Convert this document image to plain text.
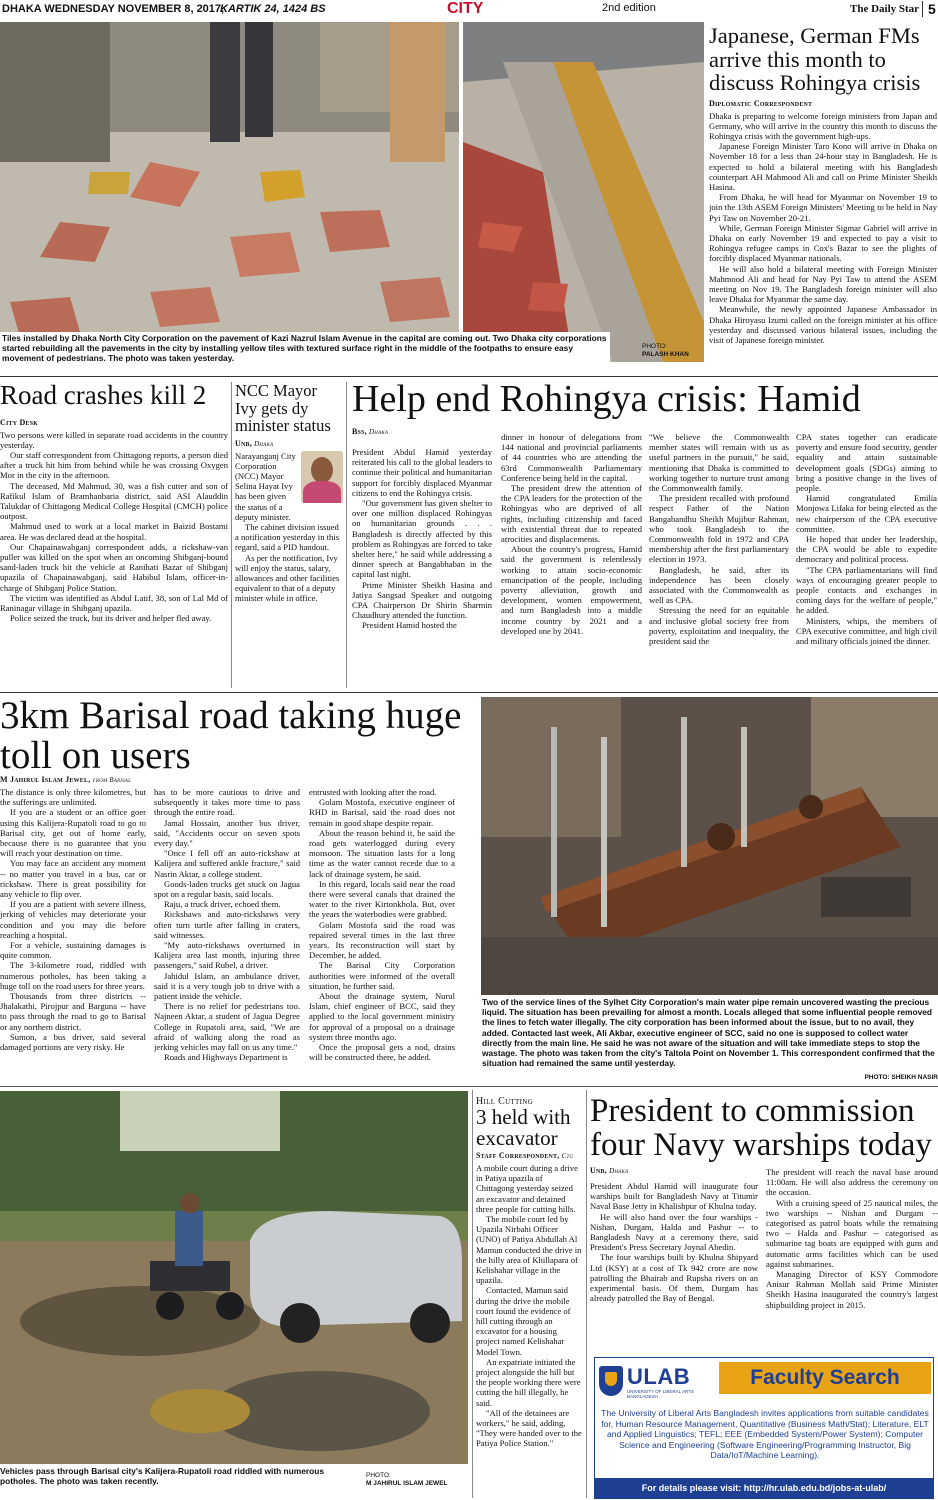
DHAKA WEDNESDAY NOVEMBER 8, 2017,
KARTIK 24, 1424 BS	CITY	2nd edition	The Daily Star 5
Tiles installed by Dhaka North City Corporation on the pavement of Kazi Nazrul Islam Avenue in the capital are coming out. Two Dhaka city corporations started rebuilding all the pavements in the city by installing yellow tiles with textured surface right in the middle of the footpaths to ensure easy movement of pedestrians. The photo was taken yesterday.
PHOTO:
PALASH KHAN
Japanese, German FMs arrive this month to discuss Rohingya crisis
Diplomatic Correspondent

Dhaka is preparing to welcome foreign ministers from Japan and Germany, who will arrive in the country this month to discuss the Rohingya crisis with the government high-ups.

Japanese Foreign Minister Taro Kono will arrive in Dhaka on November 18 for a less than 24-hour stay in Bangladesh. He is expected to hold a bilateral meeting with his Bangladesh counterpart AH Mahmood Ali and call on Prime Minister Sheikh Hasina.

From Dhaka, he will head for Myanmar on November 19 to join the 13th ASEM Foreign Ministers' Meeting to be held in Nay Pyi Taw on November 20-21.

While, German Foreign Minister Sigmar Gabriel will arrive in Dhaka on early November 19 and expected to pay a visit to Rohingya refugee camps in Cox's Bazar to see the plights of forcibly displaced Myanmar nationals.

He will also hold a bilateral meeting with Foreign Minister Mahmood Ali and head for Nay Pyi Taw to attend the ASEM meeting on Nov 19. The Bangladesh foreign minister will also leave Dhaka for Myanmar the same day.

Meanwhile, the newly appointed Japanese Ambassador in Dhaka Hiroyasu Izumi called on the foreign minister at his office yesterday and discussed various bilateral issues, including the visit of Japanese foreign minister.

Road crashes kill 2
City Desk

Two persons were killed in separate road accidents in the country yesterday.

Our staff correspondent from Chittagong reports, a person died after a truck hit him from behind while he was crossing Oxygen Mor in the city in the afternoon.

The deceased, Md Mahmud, 30, was a fish cutter and son of Rafikul Islam of Bramhanbaria district, said ASI Alauddin Talukdar of Chittagong Medical College Hospital (CMCH) police outpost.

Mahmud used to work at a local market in Baizid Bostami area. He was declared dead at the hospital.

Our Chapainawabganj correspondent adds, a rickshaw-van puller was killed on the spot when an oncoming Shibganj-bound sand-laden truck hit the vehicle at Ranihati Bazar of Shibganj upazila of Chapainawabganj, said Habibul Islam, officer-in-charge of Shibganj Police Station.

The victim was identified as Abdul Latif, 38, son of Lal Md of Raninagar village in Shibganj upazila.

Police seized the truck, but its driver and helper fled away.

NCC Mayor Ivy gets dy minister status
Unb, Dhaka

Narayanganj City Corporation (NCC) Mayor Selina Hayat Ivy has been given the status of a deputy minister.

The cabinet division issued a notification yesterday in this regard, said a PID handout.

As per the notification, Ivy will enjoy the status, salary, allowances and other facilities equivalent to that of a deputy minister while in office.

Help end Rohingya crisis: Hamid
Bss, Dhaka

President Abdul Hamid yesterday reiterated his call to the global leaders to continue their political and humanitarian support for forcibly displaced Myanmar citizens to end the Rohingya crisis.

"Our government has given shelter to over one million displaced Rohingyas on humanitarian grounds . . . Bangladesh is directly affected by this problem as Rohingyas are forced to take shelter here," he said while addressing a dinner speech at Bangabhaban in the capital last night.

Prime Minister Sheikh Hasina and Jatiya Sangsad Speaker and outgoing CPA Chairperson Dr Shirin Sharmin Chaudhury attended the function.

President Hamid hosted the

dinner in honour of delegations from 144 national and provincial parliaments of 44 countries who are attending the 63rd Commonwealth Parliamentary Conference being held in the capital.

The president drew the attention of the CPA leaders for the protection of the Rohingyas who are deprived of all rights, including citizenship and faced with existential threat due to repeated atrocities and displacements.

About the country's progress, Hamid said the government is relentlessly working to attain socio-economic emancipation of the people, including poverty alleviation, growth and development, women empowerment, and turn Bangladesh into a middle income country by 2021 and a developed one by 2041.

"We believe the Commonwealth member states will remain with us as useful partners in the pursuit," he said, mentioning that Dhaka is committed to working together to nurture trust among the Commonwealth family.

The president recalled with profound respect Father of the Nation Bangabandhu Sheikh Mujibur Rahman, who took Bangladesh to the Commonwealth fold in 1972 and CPA membership after the first parliamentary election in 1973.

Bangladesh, he said, after its independence has been closely associated with the Commonwealth as well as CPA.

Stressing the need for an equitable and inclusive global society free from poverty, exploitation and inequality, the president said the

CPA states together can eradicate poverty and ensure food security, gender equality and attain sustainable development goals (SDGs) aiming to bring a positive change in the lives of people.

Hamid congratulated Emilia Monjowa Lifaka for being elected as the new chairperson of the CPA executive committee.

He hoped that under her leadership, the CPA would be able to expedite democracy and political process.

"The CPA parliamentarians will find ways of encouraging greater people to people contacts and exchanges in coming days for the welfare of people," he added.

Ministers, whips, the members of CPA executive committee, and high civil and military officials joined the dinner.

3km Barisal road taking huge toll on users
M Jahirul Islam Jewel, from Barisal

The distance is only three kilometres, but the sufferings are unlimited.

If you are a student or an office goer using this Kalijera-Rupatoli road to go to Barisal city, get out of home early, because there is no guarantee that you will reach your destination on time.

You may face an accident any moment -- no matter you travel in a bus, car or rickshaw. There is great possibility for any vehicle to flip over.

If you are a patient with severe illness, jerking of vehicles may deteriorate your condition and you may die before reaching a hospital.

For a vehicle, sustaining damages is quite common.

The 3-kilometre road, riddled with numerous potholes, has been taking a huge toll on the road users for three years.

Thousands from three districts -- Jhalakathi, Pirojpur and Barguna -- have to pass through the road to go to Barisal or any northern district.

Sumon, a bus driver, said several damaged portions are very risky. He

has to be more cautious to drive and subsequently it takes more time to pass through the entire road.

Jamal Hossain, another bus driver, said, "Accidents occur on seven spots every day."

"Once I fell off an auto-rickshaw at Kalijera and suffered ankle fracture," said Nasrin Aktar, a college student.

Goods-laden trucks get stuck on Jagua spot on a regular basis, said locals.

Raju, a truck driver, echoed them.

Rickshaws and auto-rickshaws very often turn turtle after falling in craters, said witnesses.

"My auto-rickshaws overturned in Kalijera area last month, injuring three passengers," said Rubel, a driver.

Jahidul Islam, an ambulance driver, said it is a very tough job to drive with a patient inside the vehicle.

There is no relief for pedestrians too. Najneen Aktar, a student of Jagua Degree College in Rupatoli area, said, "We are afraid of walking along the road as jerking vehicles may fall on us any time."

Roads and Highways Department is

entrusted with looking after the road.

Golam Mostofa, executive engineer of RHD in Barisal, said the road does not remain in good shape despite repair.

About the reason behind it, he said the road gets waterlogged during every monsoon. The situation lasts for a long time as the water cannot recede due to a lack of drainage system, he said.

In this regard, locals said near the road there were several canals that drained the water to the river Kirtonkhola. But, over the years the waterbodies were grabbed.

Golam Mostofa said the road was repaired several times in the last three years. Its reconstruction will start by December, he added.

The Barisal City Corporation authorities were informed of the overall situation, he further said.

About the drainage system, Nurul Islam, chief engineer of BCC, said they applied to the local government ministry for approval of a proposal on a drainage system three months ago.

Once the proposal gets a nod, drains will be constructed there, he added.

Two of the service lines of the Sylhet City Corporation's main water pipe remain uncovered wasting the precious liquid. The situation has been prevailing for almost a month. Locals alleged that some influential people removed the lines to fetch water illegally. The city corporation has been informed about the issue, but to no avail, they added. Contacted last week, Ali Akbar, executive engineer of SCC, said no one is supposed to collect water directly from the main line. He said he was not aware of the situation and will take immediate steps to stop the wastage. The photo was taken from the city's Taltola Point on November 1. This correspondent confirmed that the situation had remained the same until yesterday.
PHOTO: SHEIKH NASIR
Vehicles pass through Barisal city's Kalijera-Rupatoli road riddled with numerous potholes. The photo was taken recently.
PHOTO:
M JAHIRUL ISLAM JEWEL
Hill Cutting
3 held with excavator
Staff Correspondent, Ctg

A mobile court during a drive in Patiya upazila of Chittagong yesterday seized an excavator and detained three people for cutting hills.

The mobile court led by Upazila Nirbahi Officer (UNO) of Patiya Abdullah Al Mamun conducted the drive in the hilly area of Khillapara of Kelishahar village in the upazila.

Contacted, Mamun said during the drive the mobile court found the evidence of hill cutting through an excavator for a housing project named Kelishahar Model Town.

An expatriate initiated the project alongside the hill but the people working there were cutting the hill illegally, he said.

"All of the detainees are workers," he said, adding, "They were handed over to the Patiya Police Station."

President to commission four Navy warships today
Unb, Dhaka

President Abdul Hamid will inaugurate four warships built for Bangladesh Navy at Titumir Naval Base Jetty in Khalishpur of Khulna today.

He will also hand over the four warships - Nishan, Durgam, Halda and Pashur -- to Bangladesh Navy at a ceremony there, said President's Press Secretary Joynal Abedin.

The four warships built by Khulna Shipyard Ltd (KSY) at a cost of Tk 942 crore are now patrolling the Bhairab and Rupsha rivers on an experimental basis. Of them, Durgam has already patrolled the Bay of Bengal.

The president will reach the naval base around 11:00am. He will also address the ceremony on the occasion.

With a cruising speed of 25 nautical miles, the two warships -- Nishan and Durgam -- categorised as patrol boats while the remaining two -- Halda and Pashur -- categorised as submarine tag boats are equipped with guns and automatic arms facilities which can be used against submarines.

Managing Director of KSY Commodore Anisur Rahman Mollah said Prime Minister Sheikh Hasina inaugurated the country's largest shipbuilding project in 2015.

ULAB
UNIVERSITY OF LIBERAL ARTS BANGLADESH
Faculty Search
The University of Liberal Arts Bangladesh invites applications from suitable candidates for, Human Resource Management, Quantitative (Business Math/Stat); Literature, ELT and Applied Linguistics; TEFL; EEE (Embedded System/Power System); Computer Science and Engineering (Software Engineering/Programming Instructor, Big Data/IoT/Machine Learning).
For details please visit: http://hr.ulab.edu.bd/jobs-at-ulab/
